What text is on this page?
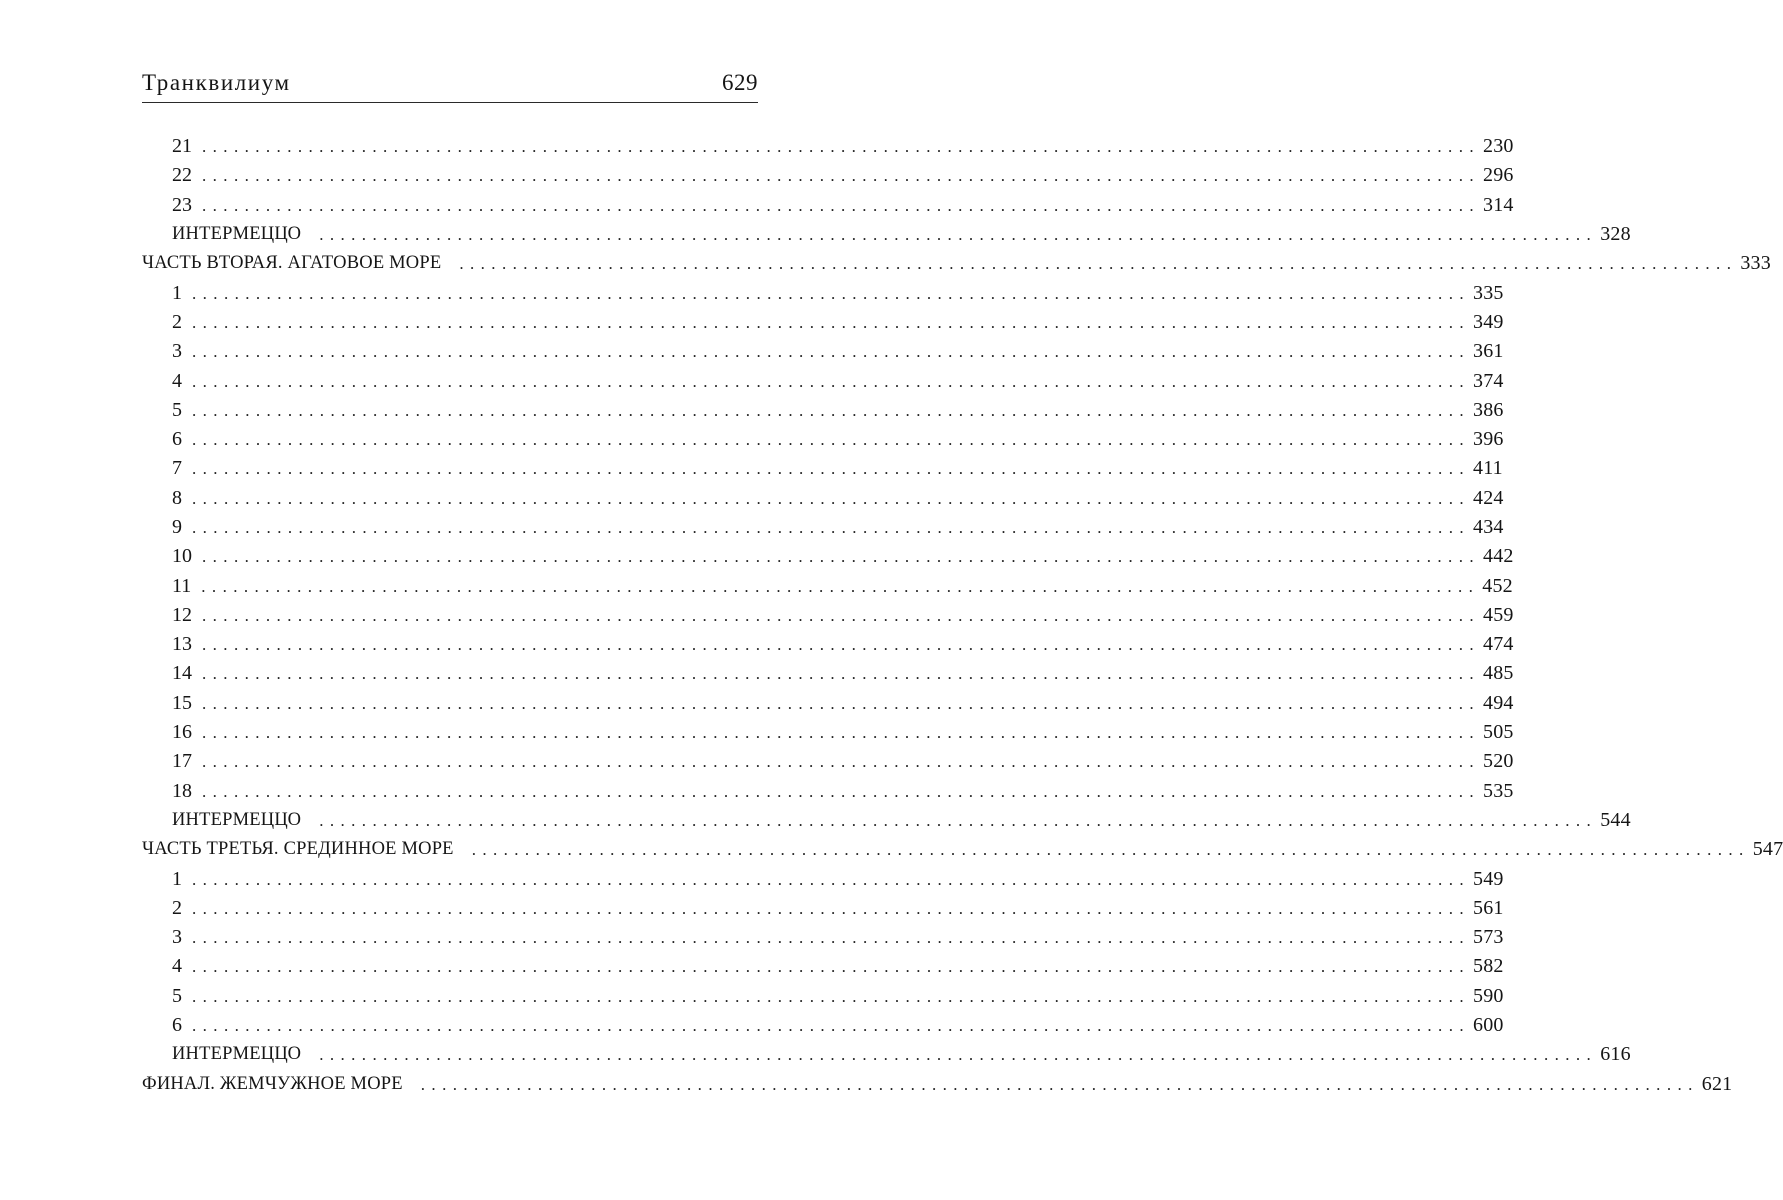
Транквилиум	629
21 ........................................................................................................................ 230
22 ........................................................................................................................ 296
23 ........................................................................................................................ 314
ИНТЕРМЕЦЦО	........................................................................................................................ 328
ЧАСТЬ ВТОРАЯ. АГАТОВОЕ МОРЕ	........................................................................................................................ 333
1 ........................................................................................................................ 335
2 ........................................................................................................................ 349
3 ........................................................................................................................ 361
4 ........................................................................................................................ 374
5 ........................................................................................................................ 386
6 ........................................................................................................................ 396
7 ........................................................................................................................ 411
8 ........................................................................................................................ 424
9 ........................................................................................................................ 434
10 ........................................................................................................................ 442
11 ........................................................................................................................ 452
12 ........................................................................................................................ 459
13 ........................................................................................................................ 474
14 ........................................................................................................................ 485
15 ........................................................................................................................ 494
16 ........................................................................................................................ 505
17 ........................................................................................................................ 520
18 ........................................................................................................................ 535
ИНТЕРМЕЦЦО	........................................................................................................................ 544
ЧАСТЬ ТРЕТЬЯ. СРЕДИННОЕ МОРЕ	........................................................................................................................ 547
1 ........................................................................................................................ 549
2 ........................................................................................................................ 561
3 ........................................................................................................................ 573
4 ........................................................................................................................ 582
5 ........................................................................................................................ 590
6 ........................................................................................................................ 600
ИНТЕРМЕЦЦО	........................................................................................................................ 616
ФИНАЛ. ЖЕМЧУЖНОЕ МОРЕ	........................................................................................................................ 621
